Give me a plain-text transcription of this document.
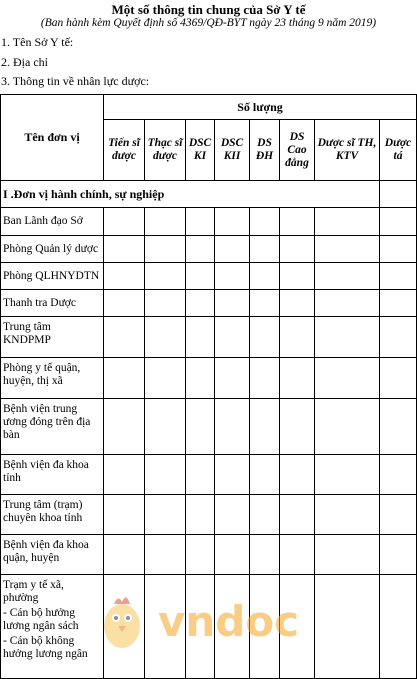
Một số thông tin chung của Sở Y tế
(Ban hành kèm Quyết định số 4369/QĐ-BYT ngày 23 tháng 9 năm 2019)
1. Tên Sở Y tế:
2. Địa chỉ
3. Thông tin về nhân lực dược:
Tên đơn vị	Số lượng							
	Tiến sĩ dược	Thạc sĩ dược	DSC KI	DSC KII	DS ĐH	DS Cao đẳng	Dược sĩ TH, KTV	Dược tá
I .Đơn vị hành chính, sự nghiệp								
Ban Lãnh đạo Sở								
Phòng Quản lý dược								
Phòng QLHNYDTN								
Thanh tra Dược								
Trung tâm KNDPMP								
Phòng y tế quận, huyện, thị xã								
Bệnh viện trung ương đóng trên địa bàn								
Bệnh viện đa khoa tỉnh								
Trung tâm (trạm) chuyên khoa tỉnh								
Bệnh viện đa khoa quận, huyện								

Trạm y tế xã, phường
- Cán bộ hưởng lương ngân sách
- Cán bộ không hưởng lương ngân								

vndoc
